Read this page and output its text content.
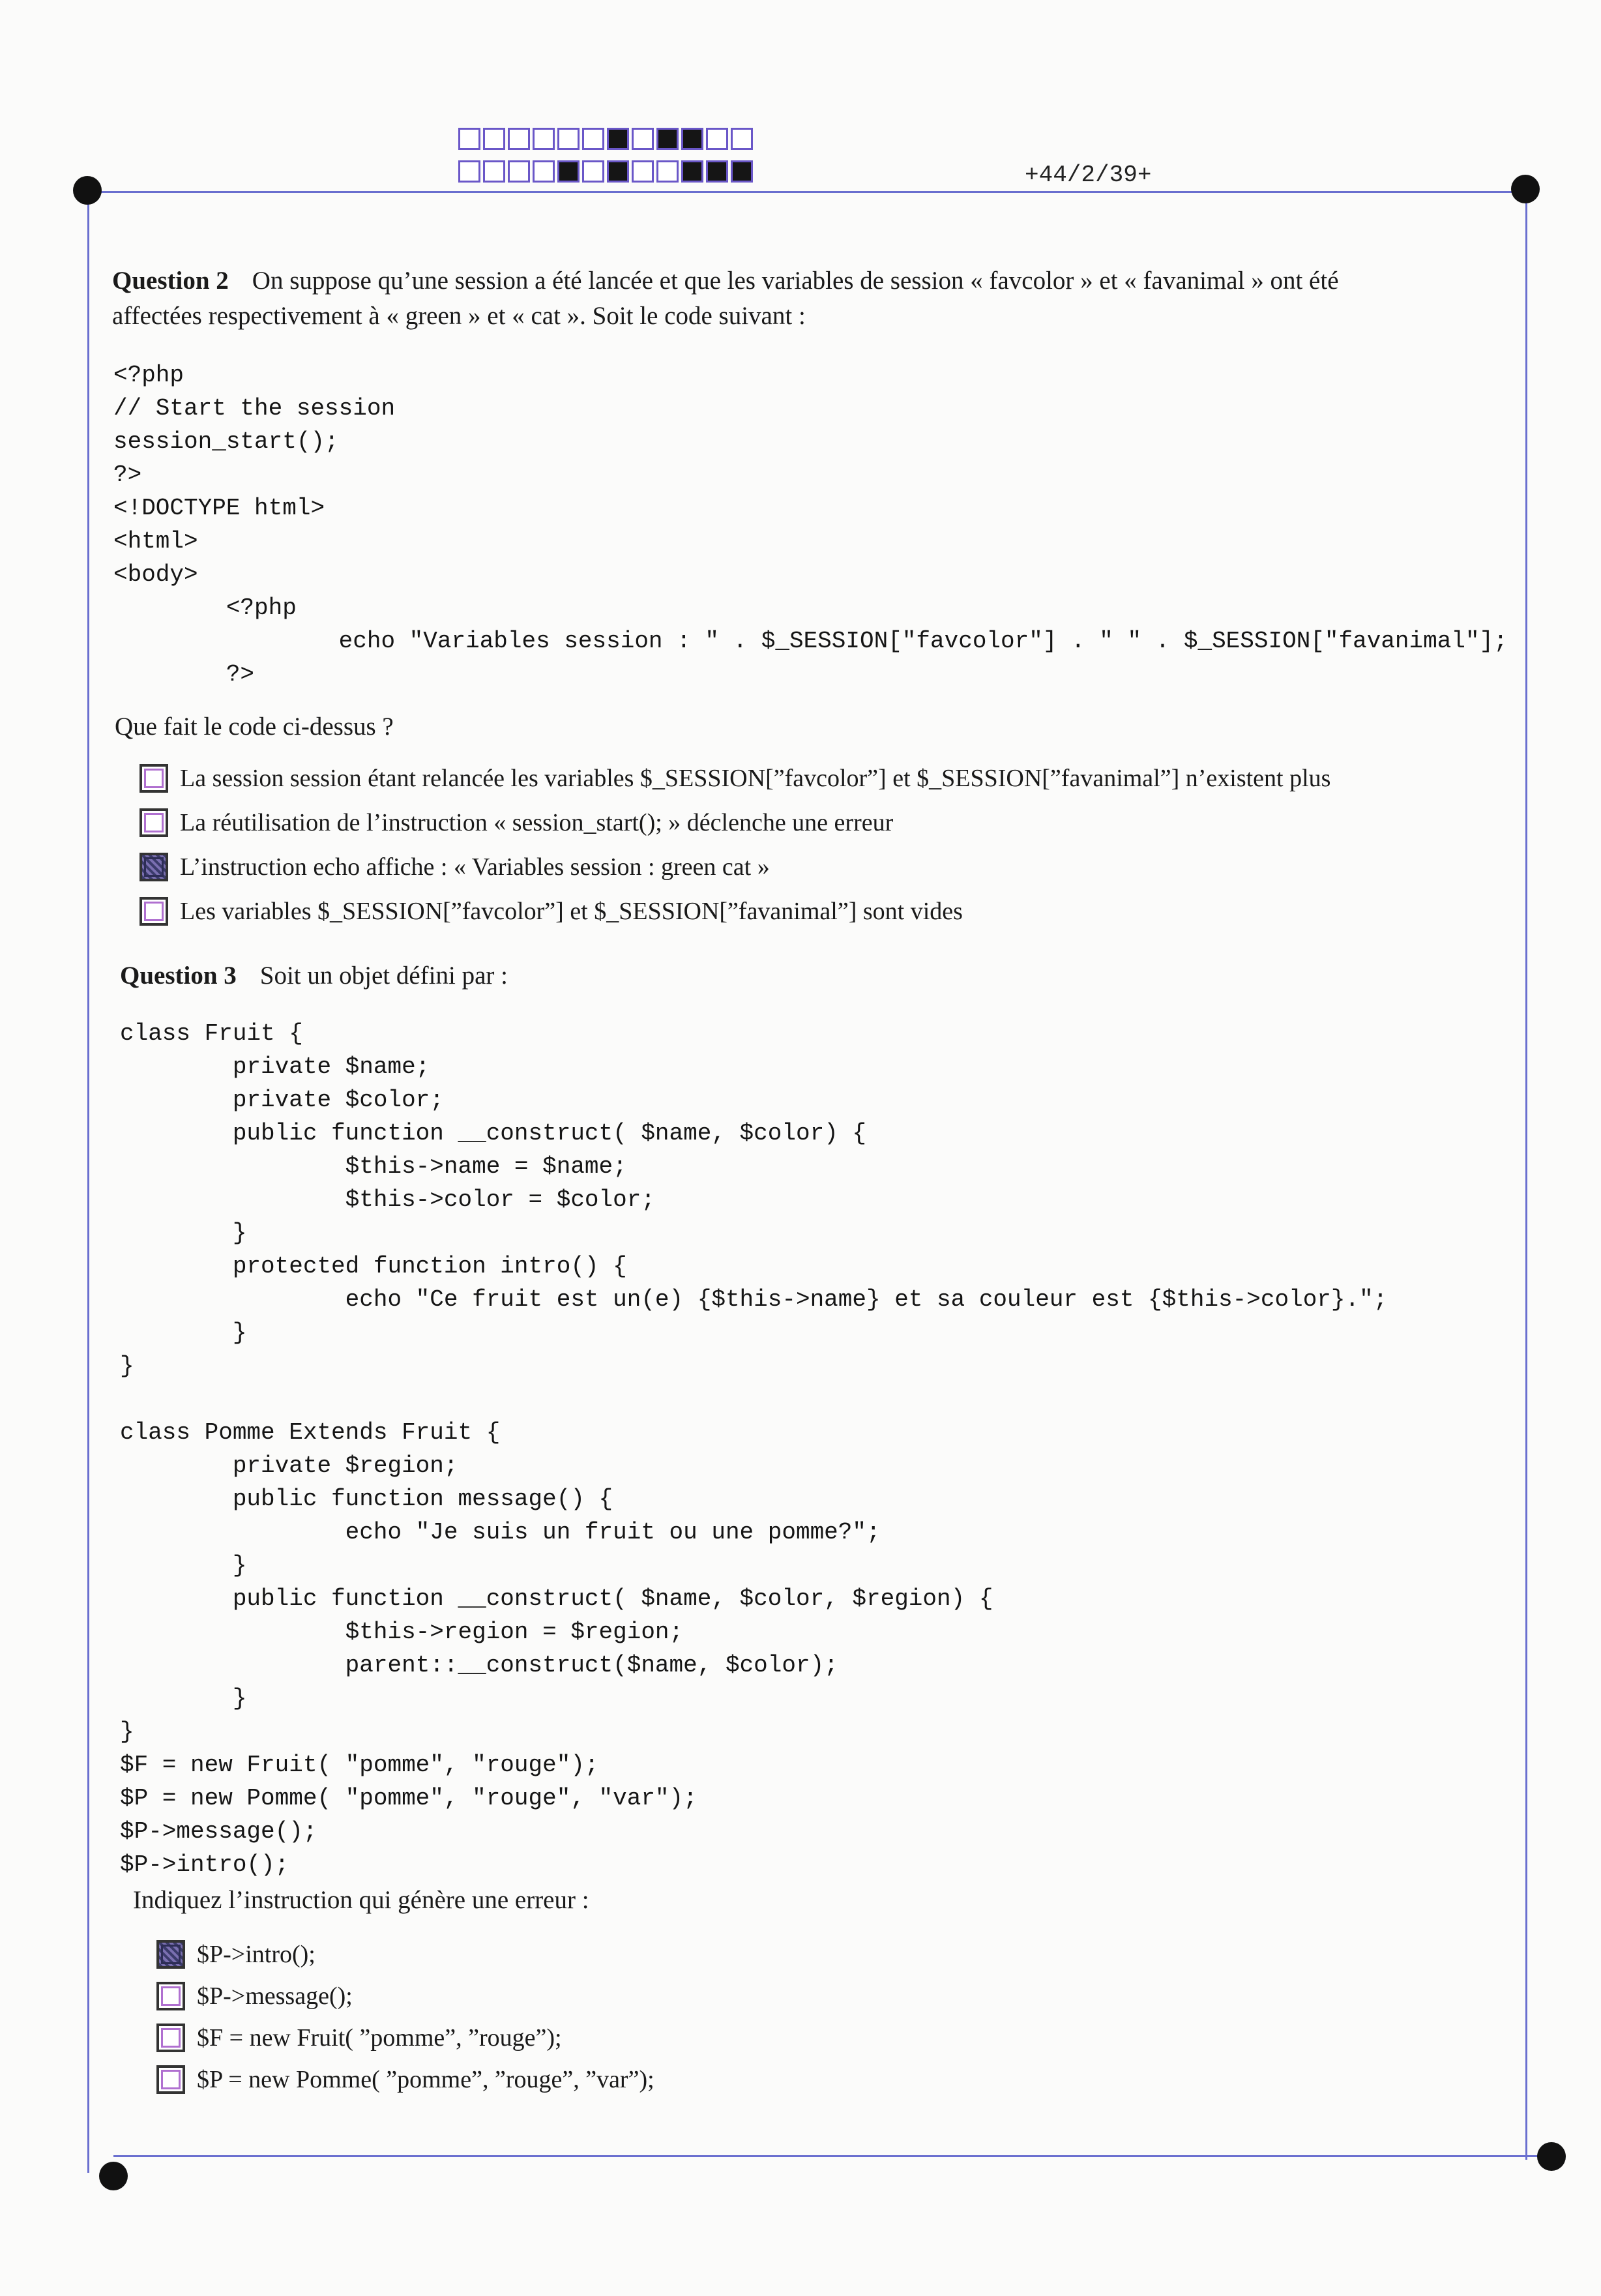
+44/2/39+
Question 2 On suppose qu’une session a été lancée et que les variables de session « favcolor » et « favanimal » ont été
affectées respectivement à « green » et « cat ». Soit le code suivant :
<?php
// Start the session
session_start();
?>
<!DOCTYPE html>
<html>
<body>
<?php
echo "Variables session : " . $_SESSION["favcolor"] . " " . $_SESSION["favanimal"];
?>
Que fait le code ci-dessus ?
La session session étant relancée les variables $_SESSION[”favcolor”] et $_SESSION[”favanimal”] n’existent plus
La réutilisation de l’instruction « session_start(); » déclenche une erreur
L’instruction echo affiche : « Variables session : green cat »
Les variables $_SESSION[”favcolor”] et $_SESSION[”favanimal”] sont vides
Question 3 Soit un objet défini par :
class Fruit {
private $name;
private $color;
public function __construct( $name, $color) {
$this->name = $name;
$this->color = $color;
}
protected function intro() {
echo "Ce fruit est un(e) {$this->name} et sa couleur est {$this->color}.";
}
}

class Pomme Extends Fruit {
private $region;
public function message() {
echo "Je suis un fruit ou une pomme?";
}
public function __construct( $name, $color, $region) {
$this->region = $region;
parent::__construct($name, $color);
}
}
$F = new Fruit( "pomme", "rouge");
$P = new Pomme( "pomme", "rouge", "var");
$P->message();
$P->intro();
Indiquez l’instruction qui génère une erreur :
$P->intro();
$P->message();
$F = new Fruit( ”pomme”, ”rouge”);
$P = new Pomme( ”pomme”, ”rouge”, ”var”);
